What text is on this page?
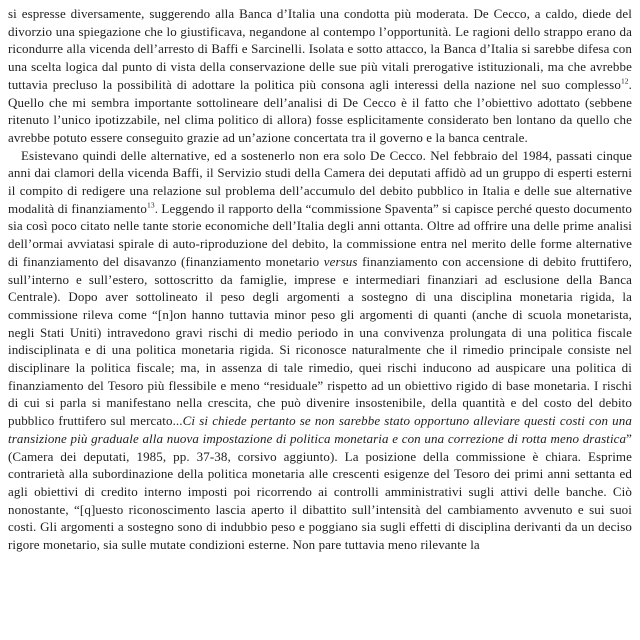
si espresse diversamente, suggerendo alla Banca d’Italia una condotta più moderata. De Cecco, a caldo, diede del divorzio una spiegazione che lo giustificava, negandone al contempo l’opportunità. Le ragioni dello strappo erano da ricondurre alla vicenda dell’arresto di Baffi e Sarcinelli. Isolata e sotto attacco, la Banca d’Italia si sarebbe difesa con una scelta logica dal punto di vista della conservazione delle sue più vitali prerogative istituzionali, ma che avrebbe tuttavia precluso la possibilità di adottare la politica più consona agli interessi della nazione nel suo complesso$^{12}$. Quello che mi sembra importante sottolineare dell’analisi di De Cecco è il fatto che l’obiettivo adottato (sebbene ritenuto l’unico ipotizzabile, nel clima politico di allora) fosse esplicitamente considerato ben lontano da quello che avrebbe potuto essere conseguito grazie ad un’azione concertata tra il governo e la banca centrale.

Esistevano quindi delle alternative, ed a sostenerlo non era solo De Cecco. Nel febbraio del 1984, passati cinque anni dai clamori della vicenda Baffi, il Servizio studi della Camera dei deputati affidò ad un gruppo di esperti esterni il compito di redigere una relazione sul problema dell’accumulo del debito pubblico in Italia e delle sue alternative modalità di finanziamento$^{13}$. Leggendo il rapporto della “commissione Spaventa” si capisce perché questo documento sia così poco citato nelle tante storie economiche dell’Italia degli anni ottanta. Oltre ad offrire una delle prime analisi dell’ormai avviatasi spirale di auto-riproduzione del debito, la commissione entra nel merito delle forme alternative di finanziamento del disavanzo (finanziamento monetario versus finanziamento con accensione di debito fruttifero, sull’interno e sull’estero, sottoscritto da famiglie, imprese e intermediari finanziari ad esclusione della Banca Centrale). Dopo aver sottolineato il peso degli argomenti a sostegno di una disciplina monetaria rigida, la commissione rileva come “[n]on hanno tuttavia minor peso gli argomenti di quanti (anche di scuola monetarista, negli Stati Uniti) intravedono gravi rischi di medio periodo in una convivenza prolungata di una politica fiscale indisciplinata e di una politica monetaria rigida. Si riconosce naturalmente che il rimedio principale consiste nel disciplinare la politica fiscale; ma, in assenza di tale rimedio, quei rischi inducono ad auspicare una politica di finanziamento del Tesoro più flessibile e meno “residuale” rispetto ad un obiettivo rigido di base monetaria. I rischi di cui si parla si manifestano nella crescita, che può divenire insostenibile, della quantità e del costo del debito pubblico fruttifero sul mercato...Ci si chiede pertanto se non sarebbe stato opportuno alleviare questi costi con una transizione più graduale alla nuova impostazione di politica monetaria e con una correzione di rotta meno drastica” (Camera dei deputati, 1985, pp. 37-38, corsivo aggiunto). La posizione della commissione è chiara. Esprime contrarietà alla subordinazione della politica monetaria alle crescenti esigenze del Tesoro dei primi anni settanta ed agli obiettivi di credito interno imposti poi ricorrendo ai controlli amministrativi sugli attivi delle banche. Ciò nonostante, “[q]uesto riconoscimento lascia aperto il dibattito sull’intensità del cambiamento avvenuto e sui suoi costi. Gli argomenti a sostegno sono di indubbio peso e poggiano sia sugli effetti di disciplina derivanti da un deciso rigore monetario, sia sulle mutate condizioni esterne. Non pare tuttavia meno rilevante la
